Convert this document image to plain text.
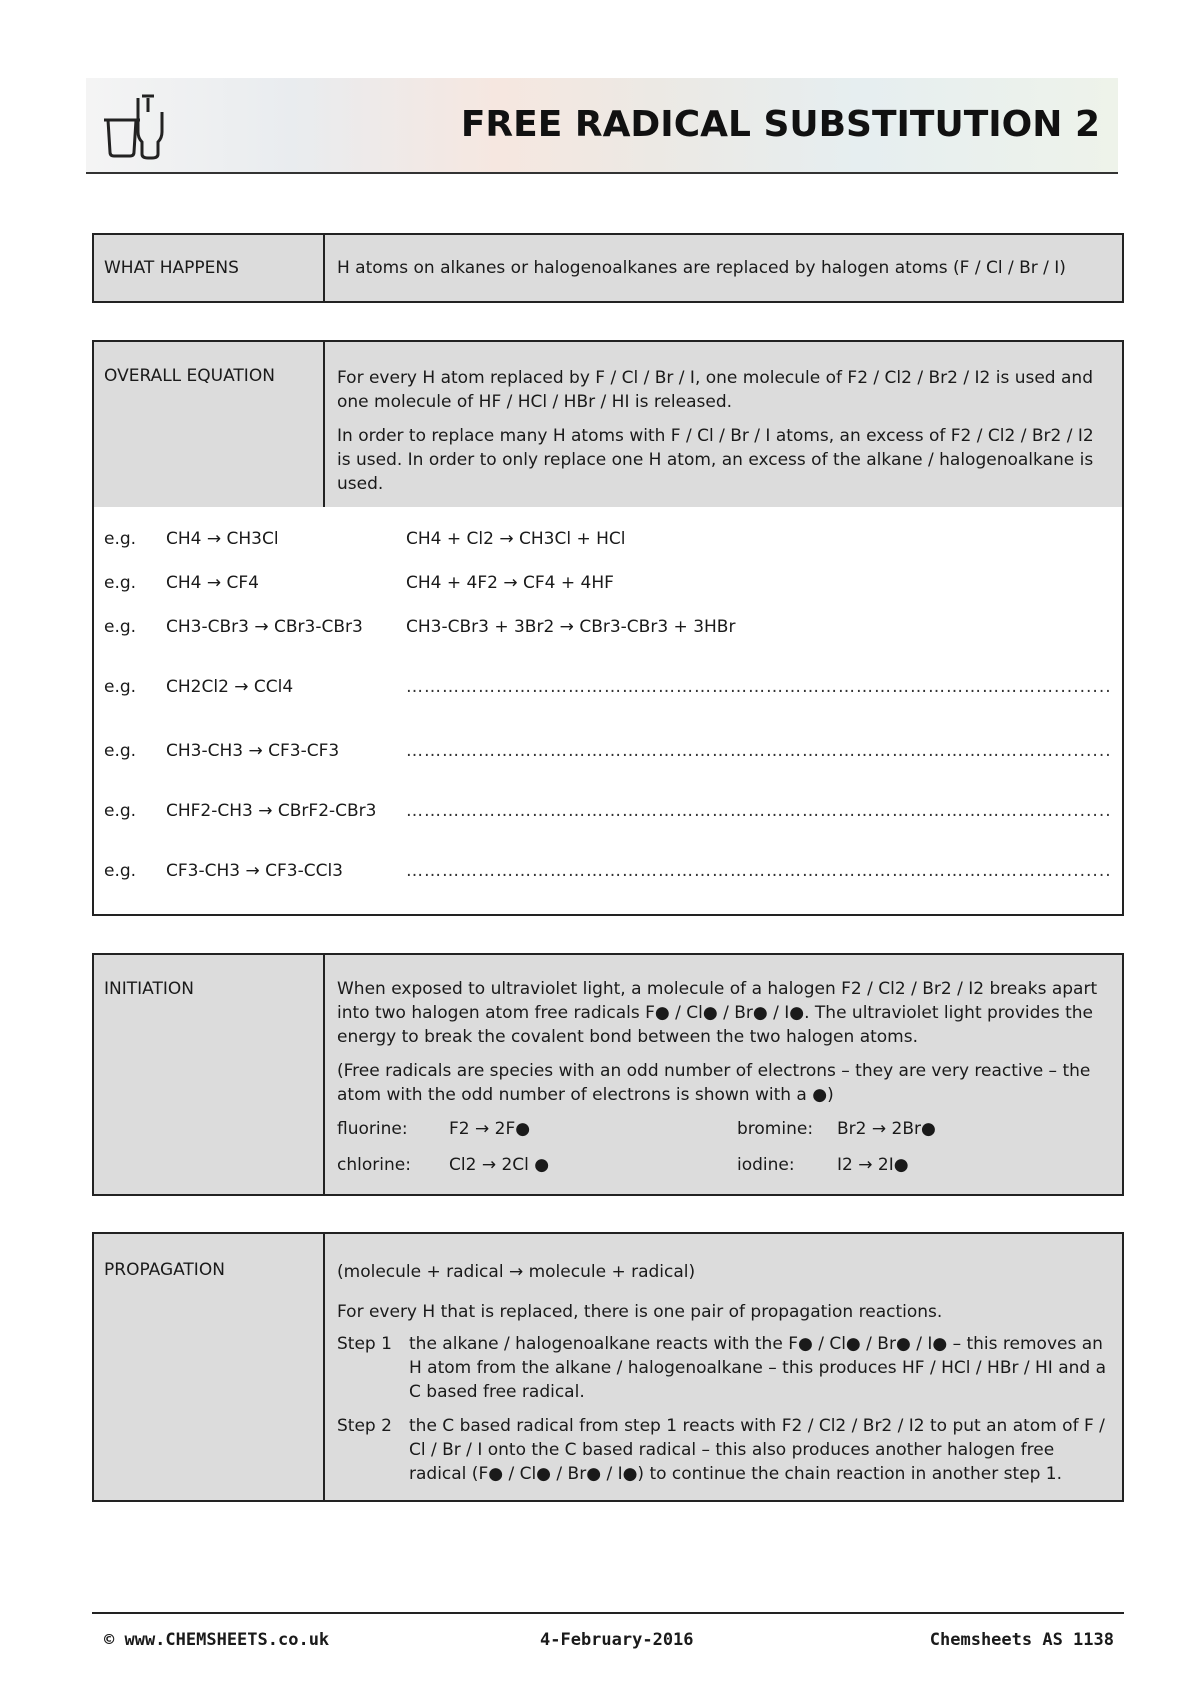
FREE RADICAL SUBSTITUTION 2
WHAT HAPPENS	H atoms on alkanes or halogenoalkanes are replaced by halogen atoms (F / Cl / Br / I)
OVERALL EQUATION	For every H atom replaced by F / Cl / Br / I, one molecule of F2 / Cl2 / Br2 / I2 is used and one molecule of HF / HCl / HBr / HI is released.
In order to replace many H atoms with F / Cl / Br / I atoms, an excess of F2 / Cl2 / Br2 / I2 is used. In order to only replace one H atom, an excess of the alkane / halogenoalkane is used.
e.g. CH4 → CH3Cl	CH4 + Cl2 → CH3Cl + HCl
e.g. CH4 → CF4	CH4 + 4F2 → CF4 + 4HF
e.g. CH3-CBr3 → CBr3-CBr3	CH3-CBr3 + 3Br2 → CBr3-CBr3 + 3HBr
e.g. CH2Cl2 → CCl4	……………………………………………………………………………………………….........
e.g. CH3-CH3 → CF3-CF3	……………………………………………………………………………………………….........
e.g. CHF2-CH3 → CBrF2-CBr3 ……………………………………………………………………………………………….........
e.g. CF3-CH3 → CF3-CCl3	……………………………………………………………………………………………….........
INITIATION	When exposed to ultraviolet light, a molecule of a halogen F2 / Cl2 / Br2 / I2 breaks apart into two halogen atom free radicals F● / Cl● / Br● / I●. The ultraviolet light provides the energy to break the covalent bond between the two halogen atoms.
(Free radicals are species with an odd number of electrons – they are very reactive – the atom with the odd number of electrons is shown with a ●)
fluorine: F2 → 2F●	bromine: Br2 → 2Br●
chlorine: Cl2 → 2Cl ●	iodine: I2 → 2I●
PROPAGATION	(molecule + radical → molecule + radical)
For every H that is replaced, there is one pair of propagation reactions.
Step 1	the alkane / halogenoalkane reacts with the F● / Cl● / Br● / I● – this removes an H atom from the alkane / halogenoalkane – this produces HF / HCl / HBr / HI and a C based free radical.
Step 2	the C based radical from step 1 reacts with F2 / Cl2 / Br2 / I2 to put an atom of F / Cl / Br / I onto the C based radical – this also produces another halogen free radical (F● / Cl● / Br● / I●) to continue the chain reaction in another step 1.
© www.CHEMSHEETS.co.uk	4-February-2016	Chemsheets AS 1138
